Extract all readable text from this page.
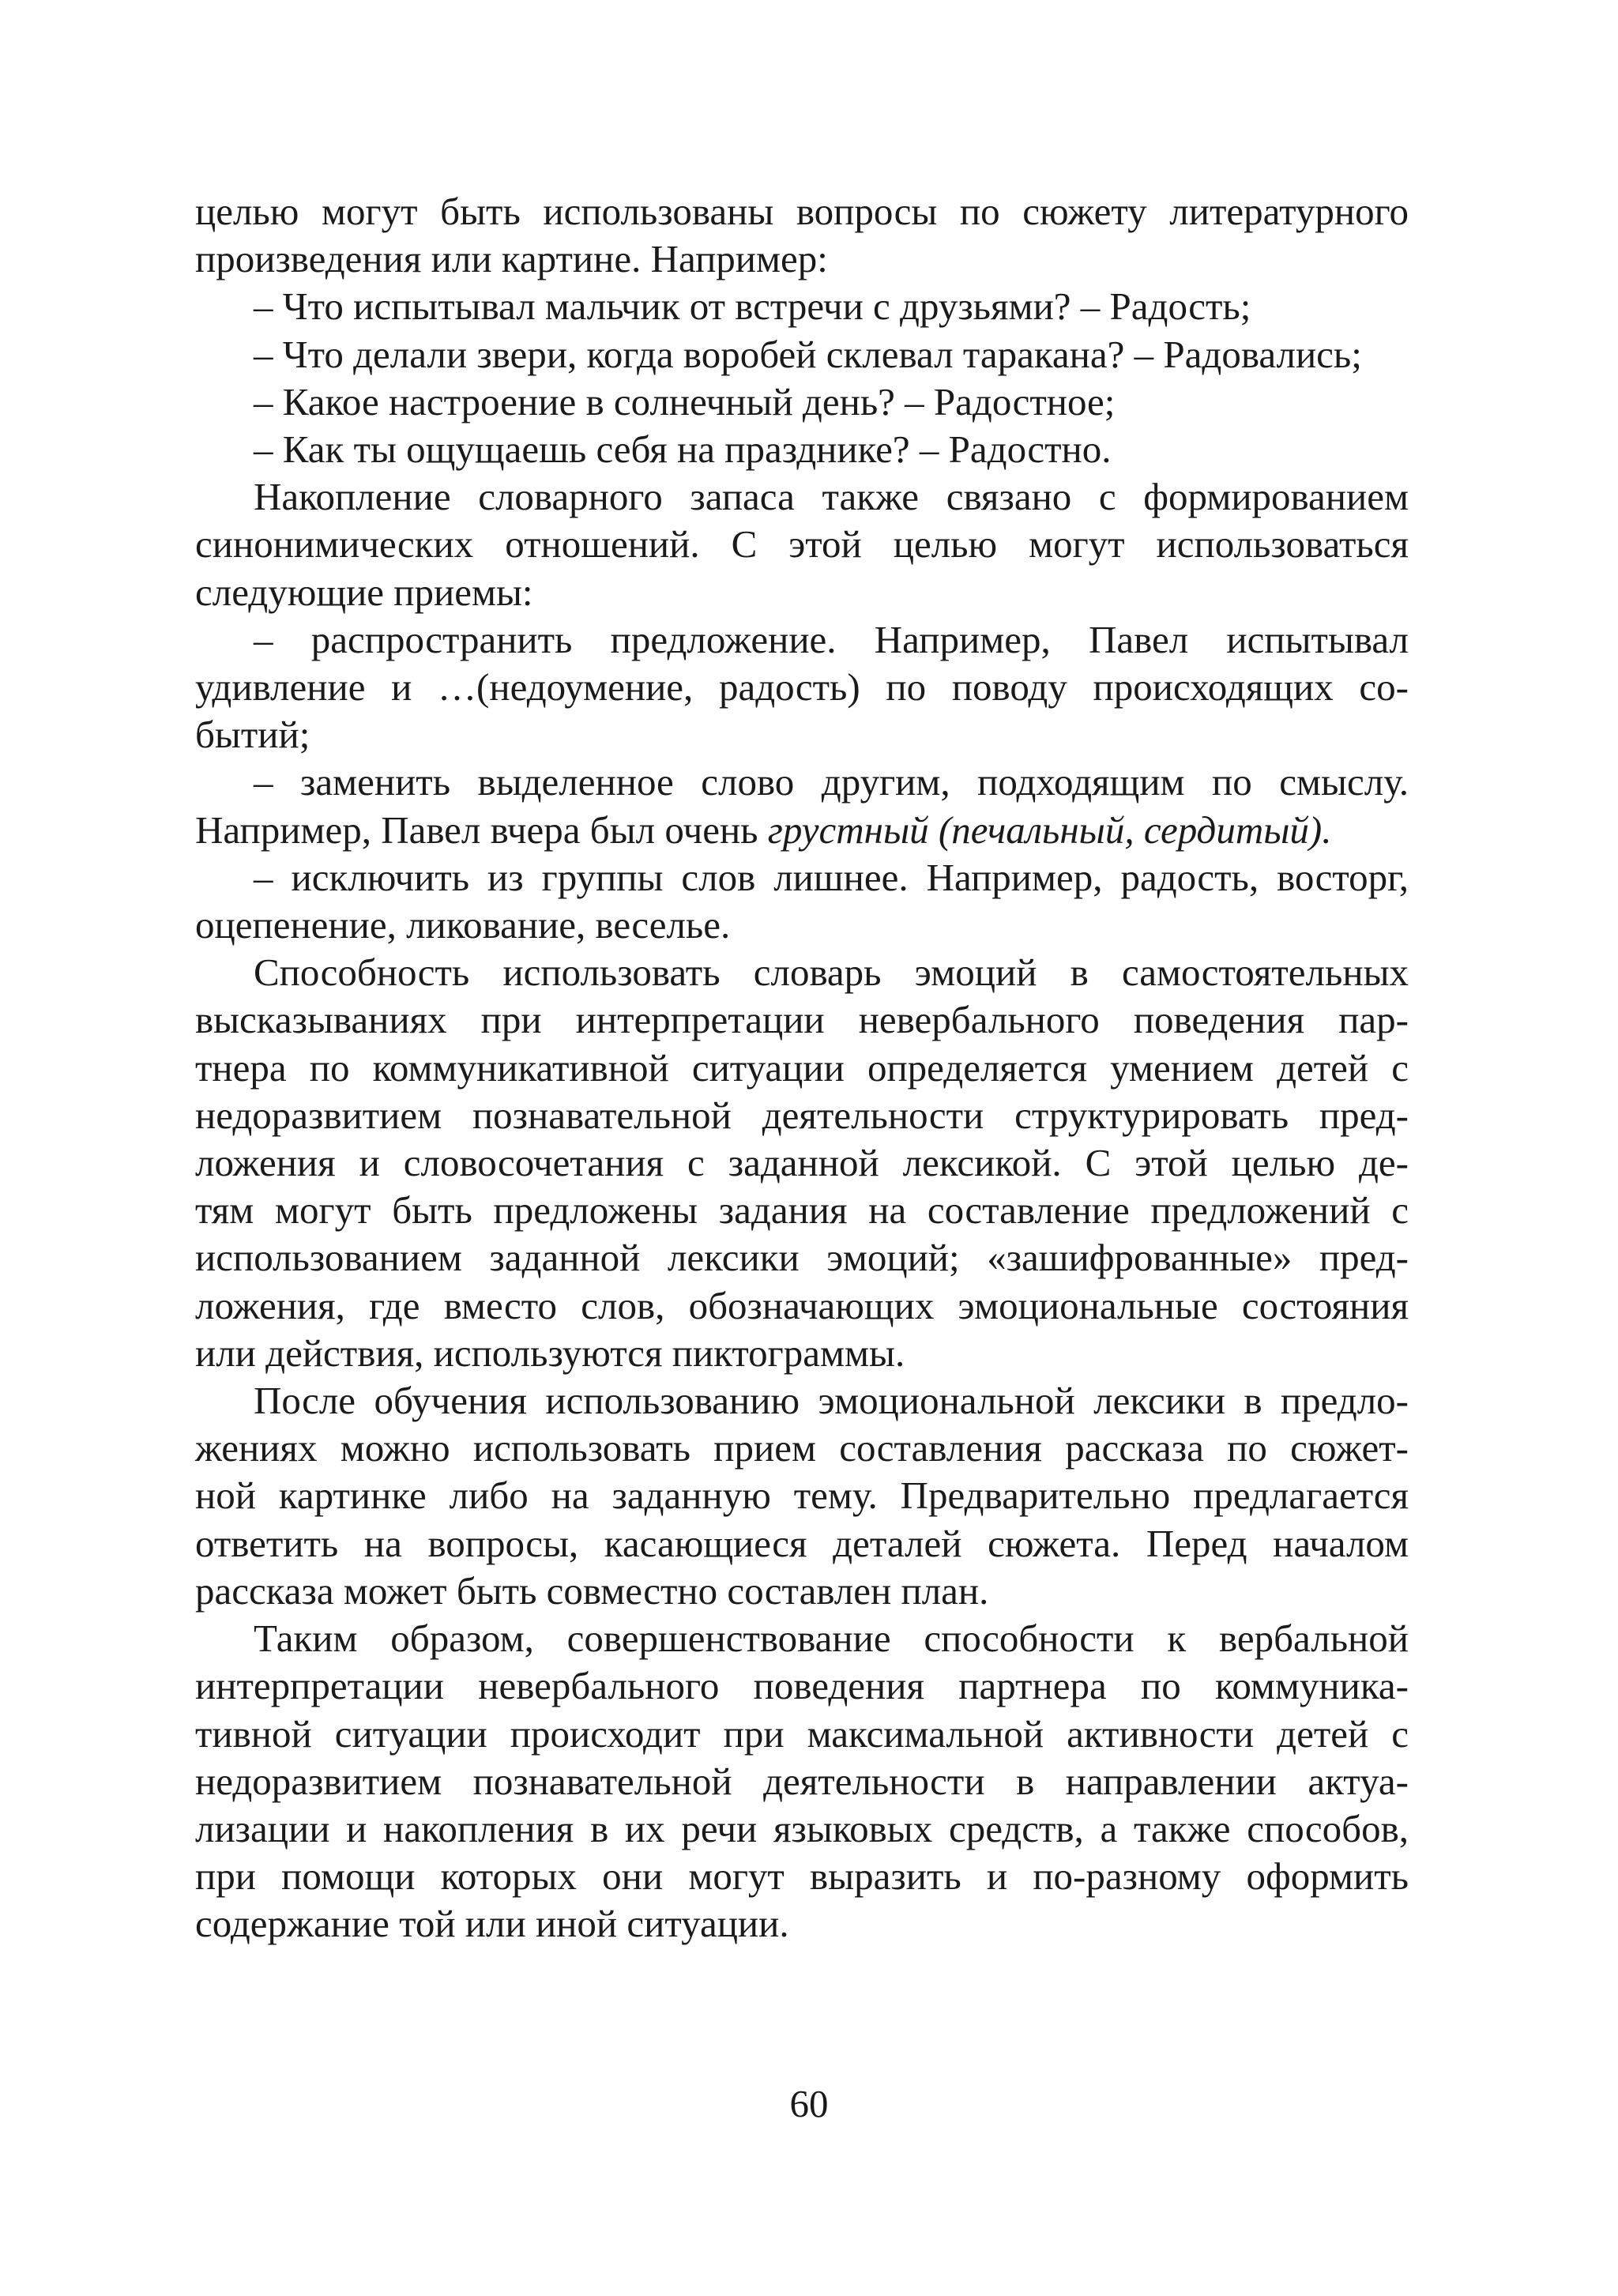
целью могут быть использованы вопросы по сюжету литературного
произведения или картине. Например:
– Что испытывал мальчик от встречи с друзьями? – Радость;
– Что делали звери, когда воробей склевал таракана? – Радовались;
– Какое настроение в солнечный день? – Радостное;
– Как ты ощущаешь себя на празднике? – Радостно.
Накопление словарного запаса также связано с формированием
синонимических отношений. С этой целью могут использоваться
следующие приемы:
– распространить предложение. Например, Павел испытывал
удивление и …(недоумение, радость) по поводу происходящих со-
бытий;
– заменить выделенное слово другим, подходящим по смыслу.
Например, Павел вчера был очень грустный (печальный, сердитый).
– исключить из группы слов лишнее. Например, радость, восторг,
оцепенение, ликование, веселье.
Способность использовать словарь эмоций в самостоятельных
высказываниях при интерпретации невербального поведения пар-
тнера по коммуникативной ситуации определяется умением детей с
недоразвитием познавательной деятельности структурировать пред-
ложения и словосочетания с заданной лексикой. С этой целью де-
тям могут быть предложены задания на составление предложений с
использованием заданной лексики эмоций; «зашифрованные» пред-
ложения, где вместо слов, обозначающих эмоциональные состояния
или действия, используются пиктограммы.
После обучения использованию эмоциональной лексики в предло-
жениях можно использовать прием составления рассказа по сюжет-
ной картинке либо на заданную тему. Предварительно предлагается
ответить на вопросы, касающиеся деталей сюжета. Перед началом
рассказа может быть совместно составлен план.
Таким образом, совершенствование способности к вербальной
интерпретации невербального поведения партнера по коммуника-
тивной ситуации происходит при максимальной активности детей с
недоразвитием познавательной деятельности в направлении актуа-
лизации и накопления в их речи языковых средств, а также способов,
при помощи которых они могут выразить и по-разному оформить
содержание той или иной ситуации.
60
